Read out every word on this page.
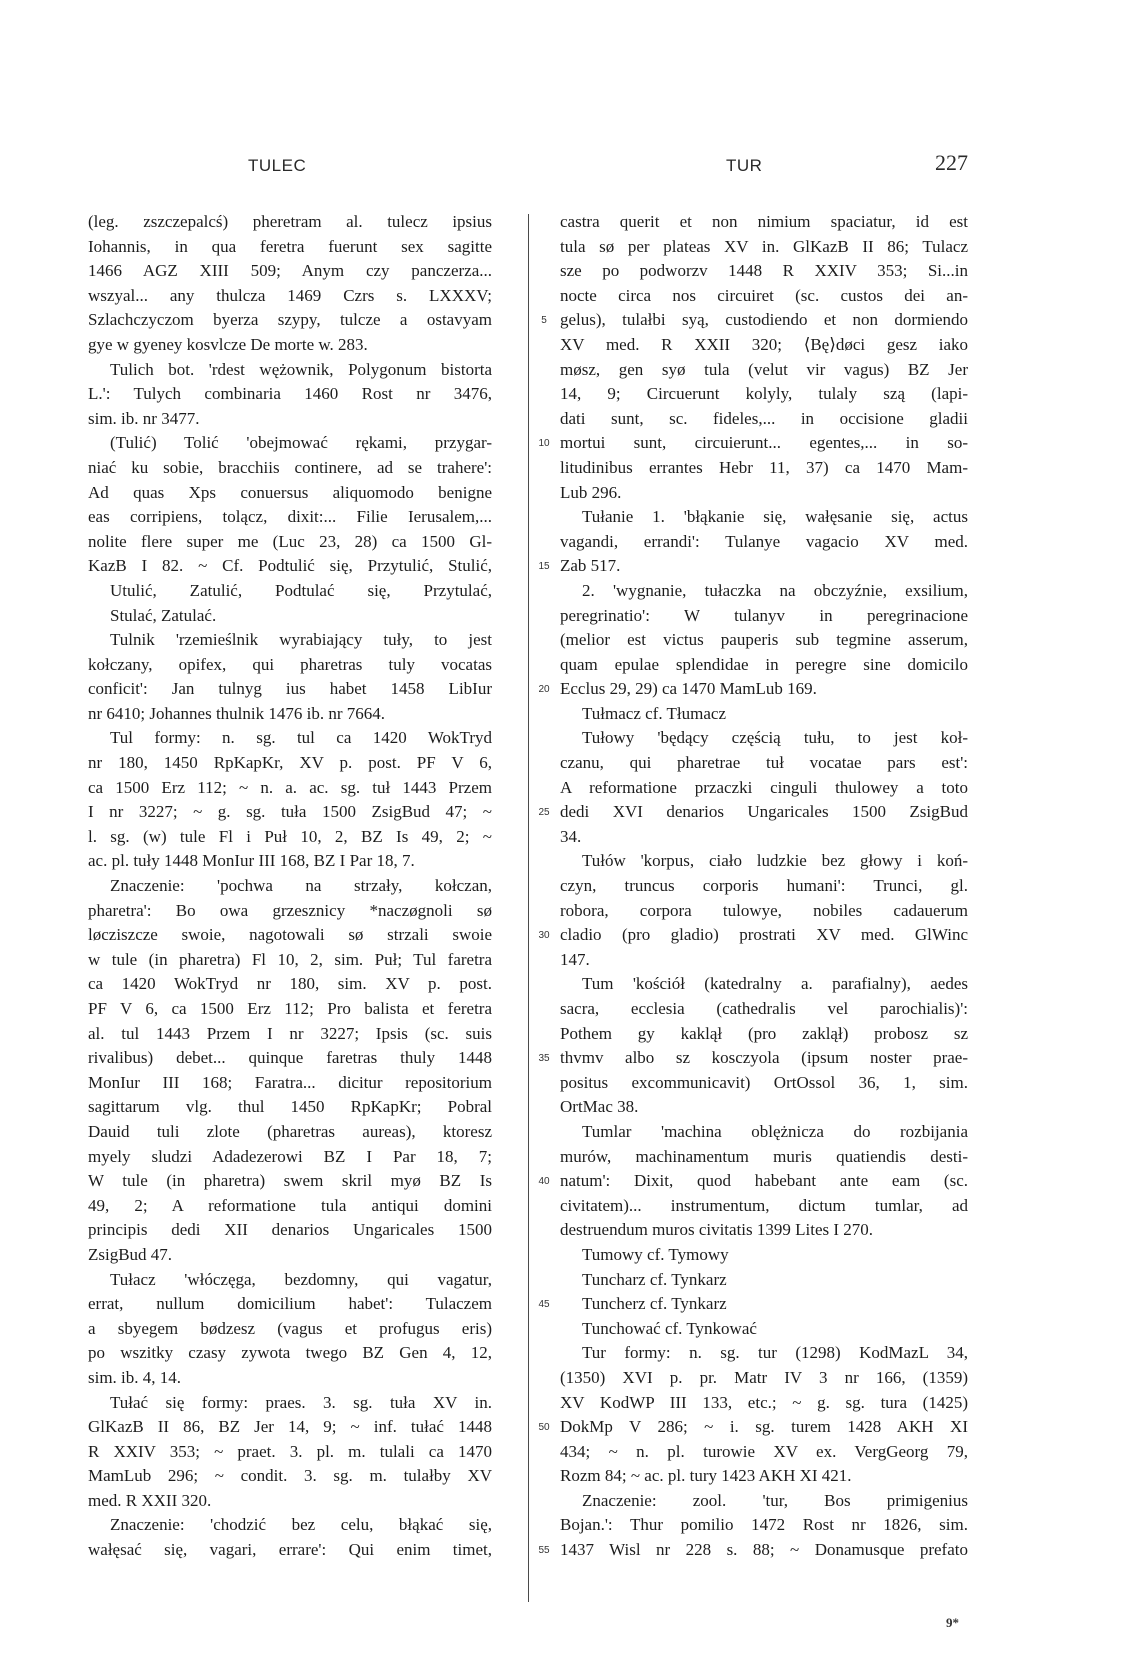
TULEC	TUR	227
(leg. zszczepalcś) pheretram al. tulecz ipsius
Iohannis, in qua feretra fuerunt sex sagitte
1466 AGZ XIII 509; Anym czy panczerza...
wszyal... any thulcza 1469 Czrs s. LXXXV;
Szlachczyczom byerza szypy, tulcze a ostavyam
gye w gyeney kosvlcze De morte w. 283.
Tulich bot. 'rdest wężownik, Polygonum bistorta
L.': Tulych combinaria 1460 Rost nr 3476,
sim. ib. nr 3477.
(Tulić) Tolić 'obejmować rękami, przygar-
niać ku sobie, bracchiis continere, ad se trahere':
Ad quas Xps conuersus aliquomodo benigne
eas corripiens, tolącz, dixit:... Filie Ierusalem,...
nolite flere super me (Luc 23, 28) ca 1500 Gl-
KazB I 82. ~ Cf. Podtulić się, Przytulić, Stulić,
Utulić, Zatulić, Podtulać się, Przytulać,
Stulać, Zatulać.
Tulnik 'rzemieślnik wyrabiający tuły, to jest
kołczany, opifex, qui pharetras tuly vocatas
conficit': Jan tulnyg ius habet 1458 LibIur
nr 6410; Johannes thulnik 1476 ib. nr 7664.
Tul formy: n. sg. tul ca 1420 WokTryd
nr 180, 1450 RpKapKr, XV p. post. PF V 6,
ca 1500 Erz 112; ~ n. a. ac. sg. tuł 1443 Przem
I nr 3227; ~ g. sg. tuła 1500 ZsigBud 47; ~
l. sg. (w) tule Fl i Puł 10, 2, BZ Is 49, 2; ~
ac. pl. tuły 1448 MonIur III 168, BZ I Par 18, 7.
Znaczenie: 'pochwa na strzały, kołczan,
pharetra': Bo owa grzesznicy *naczøgnoli sø
løcziszcze swoie, nagotowali sø strzali swoie
w tule (in pharetra) Fl 10, 2, sim. Puł; Tul faretra
ca 1420 WokTryd nr 180, sim. XV p. post.
PF V 6, ca 1500 Erz 112; Pro balista et feretra
al. tul 1443 Przem I nr 3227; Ipsis (sc. suis
rivalibus) debet... quinque faretras thuly 1448
MonIur III 168; Faratra... dicitur repositorium
sagittarum vlg. thul 1450 RpKapKr; Pobral
Dauid tuli zlote (pharetras aureas), ktoresz
myely sludzi Adadezerowi BZ I Par 18, 7;
W tule (in pharetra) swem skril myø BZ Is
49, 2; A reformatione tula antiqui domini
principis dedi XII denarios Ungaricales 1500
ZsigBud 47.
Tułacz 'włóczęga, bezdomny, qui vagatur,
errat, nullum domicilium habet': Tulaczem
a sbyegem bødzesz (vagus et profugus eris)
po wszitky czasy zywota twego BZ Gen 4, 12,
sim. ib. 4, 14.
Tułać się formy: praes. 3. sg. tuła XV in.
GlKazB II 86, BZ Jer 14, 9; ~ inf. tułać 1448
R XXIV 353; ~ praet. 3. pl. m. tulali ca 1470
MamLub 296; ~ condit. 3. sg. m. tulałby XV
med. R XXII 320.
Znaczenie: 'chodzić bez celu, błąkać się,
wałęsać się, vagari, errare': Qui enim timet,
5
10
15
20
25
30
35
40
45
50
55
castra querit et non nimium spaciatur, id est
tula sø per plateas XV in. GlKazB II 86; Tulacz
sze po podworzv 1448 R XXIV 353; Si...in
nocte circa nos circuiret (sc. custos dei an-
gelus), tulałbi syą, custodiendo et non dormiendo
XV med. R XXII 320; ⟨Bę⟩døci gesz iako
møsz, gen syø tula (velut vir vagus) BZ Jer
14, 9; Circuerunt kolyly, tulaly szą (lapi-
dati sunt, sc. fideles,... in occisione gladii
mortui sunt, circuierunt... egentes,... in so-
litudinibus errantes Hebr 11, 37) ca 1470 Mam-
Lub 296.
Tułanie 1. 'błąkanie się, wałęsanie się, actus
vagandi, errandi': Tulanye vagacio XV med.
Zab 517.
2. 'wygnanie, tułaczka na obczyźnie, exsilium,
peregrinatio': W tulanyv in peregrinacione
(melior est victus pauperis sub tegmine asserum,
quam epulae splendidae in peregre sine domicilo
Ecclus 29, 29) ca 1470 MamLub 169.
Tułmacz cf. Tłumacz
Tułowy 'będący częścią tułu, to jest koł-
czanu, qui pharetrae tuł vocatae pars est':
A reformatione przaczki cinguli thulowey a toto
dedi XVI denarios Ungaricales 1500 ZsigBud
34.
Tułów 'korpus, ciało ludzkie bez głowy i koń-
czyn, truncus corporis humani': Trunci, gl.
robora, corpora tulowye, nobiles cadauerum
cladio (pro gladio) prostrati XV med. GlWinc
147.
Tum 'kościół (katedralny a. parafialny), aedes
sacra, ecclesia (cathedralis vel parochialis)':
Pothem gy kaklął (pro zaklął) probosz sz
thvmv albo sz kosczyola (ipsum noster prae-
positus excommunicavit) OrtOssol 36, 1, sim.
OrtMac 38.
Tumlar 'machina oblężnicza do rozbijania
murów, machinamentum muris quatiendis desti-
natum': Dixit, quod habebant ante eam (sc.
civitatem)... instrumentum, dictum tumlar, ad
destruendum muros civitatis 1399 Lites I 270.
Tumowy cf. Tymowy
Tuncharz cf. Tynkarz
Tuncherz cf. Tynkarz
Tunchować cf. Tynkować
Tur formy: n. sg. tur (1298) KodMazL 34,
(1350) XVI p. pr. Matr IV 3 nr 166, (1359)
XV KodWP III 133, etc.; ~ g. sg. tura (1425)
DokMp V 286; ~ i. sg. turem 1428 AKH XI
434; ~ n. pl. turowie XV ex. VergGeorg 79,
Rozm 84; ~ ac. pl. tury 1423 AKH XI 421.
Znaczenie: zool. 'tur, Bos primigenius
Bojan.': Thur pomilio 1472 Rost nr 1826, sim.
1437 Wisl nr 228 s. 88; ~ Donamusque prefato
9*
